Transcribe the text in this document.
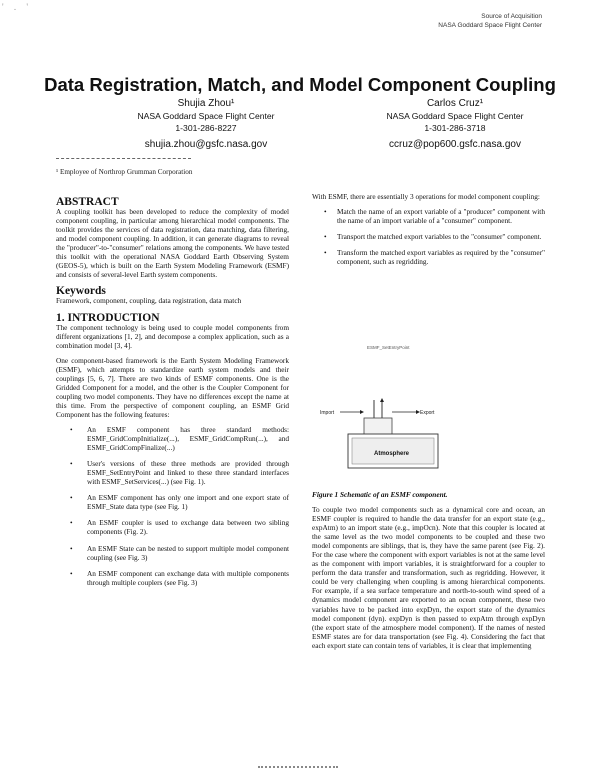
' . '
Source of Acquisition
NASA Goddard Space Flight Center
Data Registration, Match, and Model Component Coupling
Shujia Zhou¹
NASA Goddard Space Flight Center
1-301-286-8227
shujia.zhou@gsfc.nasa.gov
Carlos Cruz¹
NASA Goddard Space Flight Center
1-301-286-3718
ccruz@pop600.gsfc.nasa.gov
¹ Employee of Northrop Grumman Corporation
ABSTRACT

A coupling toolkit has been developed to reduce the complexity of model component coupling, in particular among hierarchical model components. The toolkit provides the services of data registration, data matching, data filtering, and model component coupling. In addition, it can generate diagrams to reveal the "producer"-to-"consumer" relations among the components. We have tested this toolkit with the operational NASA Goddard Earth Observing System (GEOS-5), which is built on the Earth System Modeling Framework (ESMF) and consists of several-level Earth system components.

Keywords

Framework, component, coupling, data registration, data match

1. INTRODUCTION

The component technology is being used to couple model components from different organizations [1, 2], and decompose a complex application, such as a combination model [3, 4].

One component-based framework is the Earth System Modeling Framework (ESMF), which attempts to standardize earth system models and their couplings [5, 6, 7]. There are two kinds of ESMF components. One is the Gridded Component for a model, and the other is the Coupler Component for coupling two model components. They have no differences except the name at this time. From the perspective of component coupling, an ESMF Grid Component has the following features:

• An ESMF component has three standard methods: ESMF_GridCompInitialize(...), ESMF_GridCompRun(...), and ESMF_GridCompFinalize(...)
• User's versions of these three methods are provided through ESMF_SetEntryPoint and linked to these three standard interfaces with ESMF_SetServices(...) (see Fig. 1).
• An ESMF component has only one import and one export state of ESMF_State data type (see Fig. 1)
• An ESMF coupler is used to exchange data between two sibling components (Fig. 2).
• An ESMF State can be nested to support multiple model component coupling (see Fig. 3)
• An ESMF component can exchange data with multiple components through multiple couplers (see Fig. 3)

With ESMF, there are essentially 3 operations for model component coupling:

• Match the name of an export variable of a "producer" component with the name of an import variable of a "consumer" component.
• Transport the matched export variables to the "consumer" component.
• Transform the matched export variables as required by the "consumer" component, such as regridding.
ESMF_SetEntryPoint
Import	Export
Atmosphere
Figure 1 Schematic of an ESMF component.

To couple two model components such as a dynamical core and ocean, an ESMF coupler is required to handle the data transfer for an export state (e.g., expAtm) to an import state (e.g., impOcn). Note that this coupler is located at the same level as the two model components to be coupled and these two model components are siblings, that is, they have the same parent (see Fig. 2). For the case where the component with export variables is not at the same level as the component with import variables, it is straightforward for a coupler to perform the data transfer and transformation, such as regridding. However, it could be very challenging when coupling is among hierarchical components. For example, if a sea surface temperature and north-to-south wind speed of a dynamics model component are exported to an ocean component, these two variables have to be packed into expDyn, the export state of the dynamics model component (dyn). expDyn is then passed to expAtm through expDyn (the export state of the atmosphere model component). If the names of nested ESMF states are for data transportation (see Fig. 4). Considering the fact that each export state can contain tens of variables, it is clear that implementing
